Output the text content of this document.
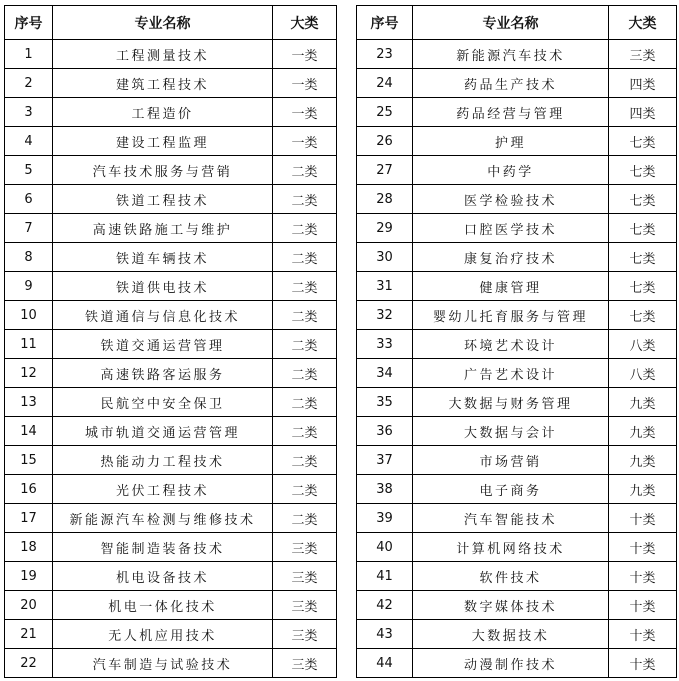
序号	专业名称	大类
1	工程测量技术	一类
2	建筑工程技术	一类
3	工程造价	一类
4	建设工程监理	一类
5	汽车技术服务与营销	二类
6	铁道工程技术	二类
7	高速铁路施工与维护	二类
8	铁道车辆技术	二类
9	铁道供电技术	二类
10	铁道通信与信息化技术	二类
11	铁道交通运营管理	二类
12	高速铁路客运服务	二类
13	民航空中安全保卫	二类
14	城市轨道交通运营管理	二类
15	热能动力工程技术	二类
16	光伏工程技术	二类
17	新能源汽车检测与维修技术	二类
18	智能制造装备技术	三类
19	机电设备技术	三类
20	机电一体化技术	三类
21	无人机应用技术	三类
22	汽车制造与试验技术	三类
序号	专业名称	大类
23	新能源汽车技术	三类
24	药品生产技术	四类
25	药品经营与管理	四类
26	护理	七类
27	中药学	七类
28	医学检验技术	七类
29	口腔医学技术	七类
30	康复治疗技术	七类
31	健康管理	七类
32	婴幼儿托育服务与管理	七类
33	环境艺术设计	八类
34	广告艺术设计	八类
35	大数据与财务管理	九类
36	大数据与会计	九类
37	市场营销	九类
38	电子商务	九类
39	汽车智能技术	十类
40	计算机网络技术	十类
41	软件技术	十类
42	数字媒体技术	十类
43	大数据技术	十类
44	动漫制作技术	十类
